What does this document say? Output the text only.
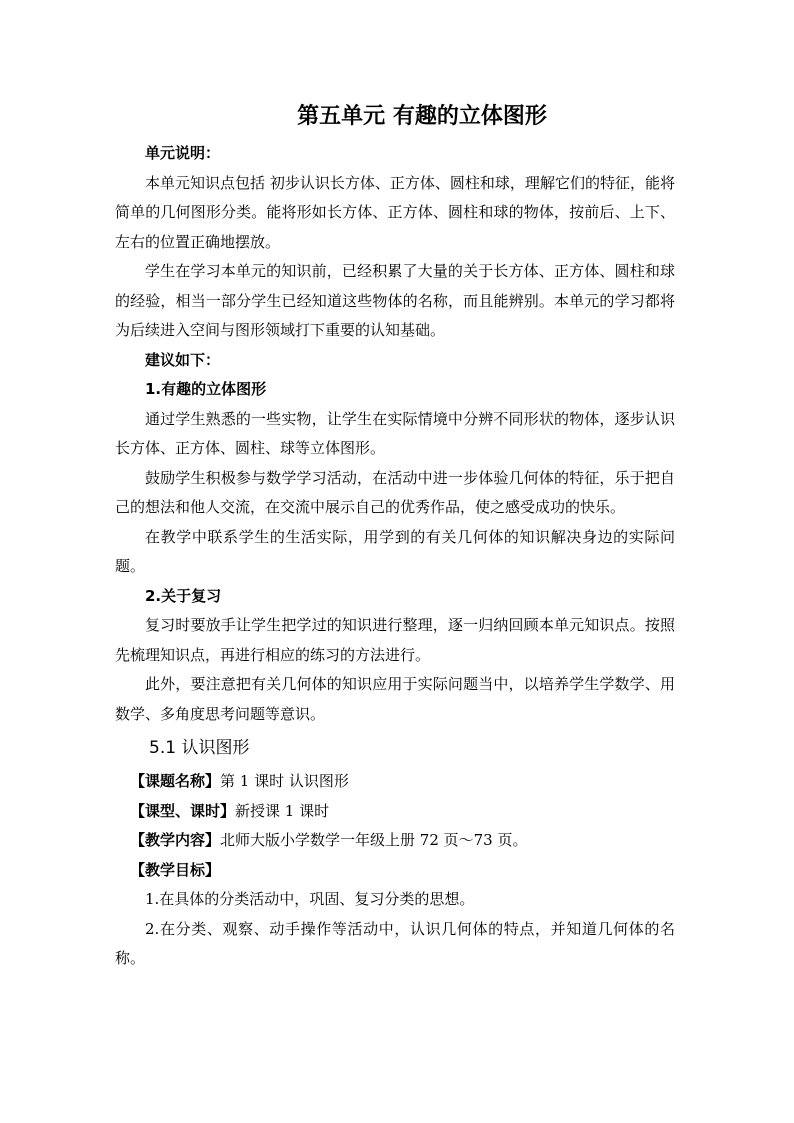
第五单元 有趣的立体图形

单元说明：

本单元知识点包括 初步认识长方体、正方体、圆柱和球，理解它们的特征，能将简单的几何图形分类。能将形如长方体、正方体、圆柱和球的物体，按前后、上下、左右的位置正确地摆放。

学生在学习本单元的知识前，已经积累了大量的关于长方体、正方体、圆柱和球的经验，相当一部分学生已经知道这些物体的名称，而且能辨别。本单元的学习都将为后续进入空间与图形领域打下重要的认知基础。

建议如下：

1.有趣的立体图形

通过学生熟悉的一些实物，让学生在实际情境中分辨不同形状的物体，逐步认识长方体、正方体、圆柱、球等立体图形。

鼓励学生积极参与数学学习活动，在活动中进一步体验几何体的特征，乐于把自己的想法和他人交流，在交流中展示自己的优秀作品，使之感受成功的快乐。

在教学中联系学生的生活实际，用学到的有关几何体的知识解决身边的实际问题。

2.关于复习

复习时要放手让学生把学过的知识进行整理，逐一归纳回顾本单元知识点。按照先梳理知识点，再进行相应的练习的方法进行。

此外，要注意把有关几何体的知识应用于实际问题当中，以培养学生学数学、用数学、多角度思考问题等意识。

5.1 认识图形

【课题名称】第 1 课时 认识图形

【课型、课时】新授课 1 课时

【教学内容】北师大版小学数学一年级上册 72 页～73 页。

【教学目标】

1.在具体的分类活动中，巩固、复习分类的思想。

2.在分类、观察、动手操作等活动中，认识几何体的特点，并知道几何体的名称。
